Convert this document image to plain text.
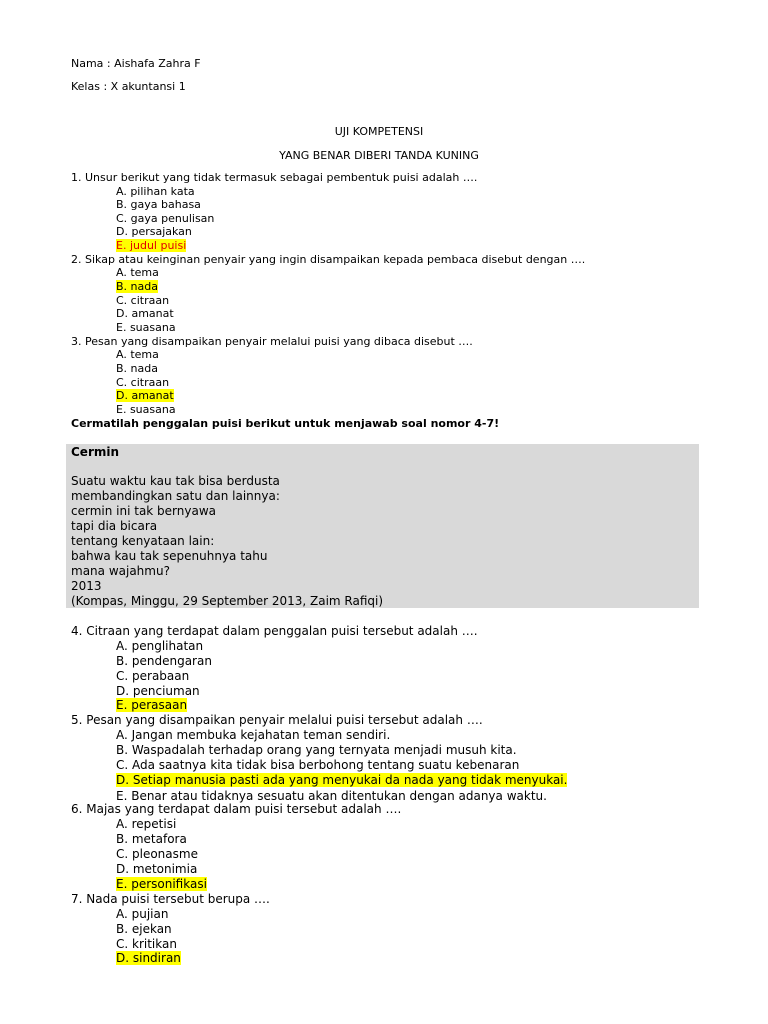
Nama : Aishafa Zahra F
Kelas : X akuntansi 1
UJI KOMPETENSI
YANG BENAR DIBERI TANDA KUNING
1. Unsur berikut yang tidak termasuk sebagai pembentuk puisi adalah ….
A. pilihan kata
B. gaya bahasa
C. gaya penulisan
D. persajakan
E. judul puisi
2. Sikap atau keinginan penyair yang ingin disampaikan kepada pembaca disebut dengan ….
A. tema
B. nada
C. citraan
D. amanat
E. suasana
3. Pesan yang disampaikan penyair melalui puisi yang dibaca disebut ….
A. tema
B. nada
C. citraan
D. amanat
E. suasana
Cermatilah penggalan puisi berikut untuk menjawab soal nomor 4-7!
Cermin
Suatu waktu kau tak bisa berdusta
membandingkan satu dan lainnya:
cermin ini tak bernyawa
tapi dia bicara
tentang kenyataan lain:
bahwa kau tak sepenuhnya tahu
mana wajahmu?
2013
(Kompas, Minggu, 29 September 2013, Zaim Rafiqi)
4. Citraan yang terdapat dalam penggalan puisi tersebut adalah ….
A. penglihatan
B. pendengaran
C. perabaan
D. penciuman
E. perasaan
5. Pesan yang disampaikan penyair melalui puisi tersebut adalah ….
A. Jangan membuka kejahatan teman sendiri.
B. Waspadalah terhadap orang yang ternyata menjadi musuh kita.
C. Ada saatnya kita tidak bisa berbohong tentang suatu kebenaran
D. Setiap manusia pasti ada yang menyukai da nada yang tidak menyukai.
E. Benar atau tidaknya sesuatu akan ditentukan dengan adanya waktu.
6. Majas yang terdapat dalam puisi tersebut adalah ….
A. repetisi
B. metafora
C. pleonasme
D. metonimia
E. personifikasi
7. Nada puisi tersebut berupa ….
A. pujian
B. ejekan
C. kritikan
D. sindiran
